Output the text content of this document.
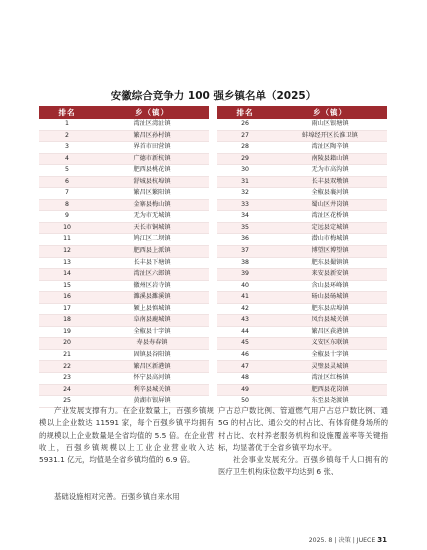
安徽综合竞争力 100 强乡镇名单（2025）
排名	乡（镇）
1	湾沚区湾沚镇
2	繁昌区孙村镇
3	界首市田营镇
4	广德市新杭镇
5	肥西县桃花镇
6	舒城县杭埠镇
7	繁昌区繁阳镇
8	金寨县梅山镇
9	无为市无城镇
10	天长市铜城镇
11	鸠江区二坝镇
12	肥西县上派镇
13	长丰县下塘镇
14	湾沚区六郎镇
15	徽州区岩寺镇
16	濉溪县濉溪镇
17	颍上县慎城镇
18	阜南县鹿城镇
19	全椒县十字镇
20	寿县寿春镇
21	固镇县谷阳镇
22	繁昌区新港镇
23	怀宁县高河镇
24	利辛县城关镇
25	黄湖市银屏镇
排名	乡（镇）
26	雨山区银塘镇
27	蚌埠经开区长淮卫镇
28	湾沚区陶辛镇
29	南陵县籍山镇
30	无为市高沟镇
31	长丰县双墩镇
32	全椒县襄河镇
33	蜀山区井岗镇
34	湾沚区花桥镇
35	定远县定城镇
36	潜山市梅城镇
37	博望区博望镇
38	肥东县撮镇镇
39	来安县新安镇
40	含山县环峰镇
41	砀山县砀城镇
42	肥东县店埠镇
43	凤台县城关镇
44	繁昌区荻港镇
45	义安区东联镇
46	全椒县十字镇
47	灵璧县灵城镇
48	湾沚区红杨镇
49	肥西县花岗镇
50	东至县尧渡镇

产业发展支撑有力。在企业数量上，百强乡镇规模以上企业数达 11591 家，每个百强乡镇平均拥有的规模以上企业数量是全省均值的 5.5 倍。在企业营收上，百强乡镇规模以上工业企业营业收入达 5931.1 亿元，均值是全省乡镇均值的 6.9 倍。

基础设施相对完善。百强乡镇自来水用

户占总户数比例、管道燃气用户占总户数比例、通 5G 的村占比、通公交的村占比、有体育健身场所的村占比、农村养老服务机构和设施覆盖率等关键指标，均显著优于全省乡镇平均水平。

社会事业发展充分。百强乡镇每千人口拥有的医疗卫生机构床位数平均达到 6 张、

2025. 8 | 决策 | JUECE 31
